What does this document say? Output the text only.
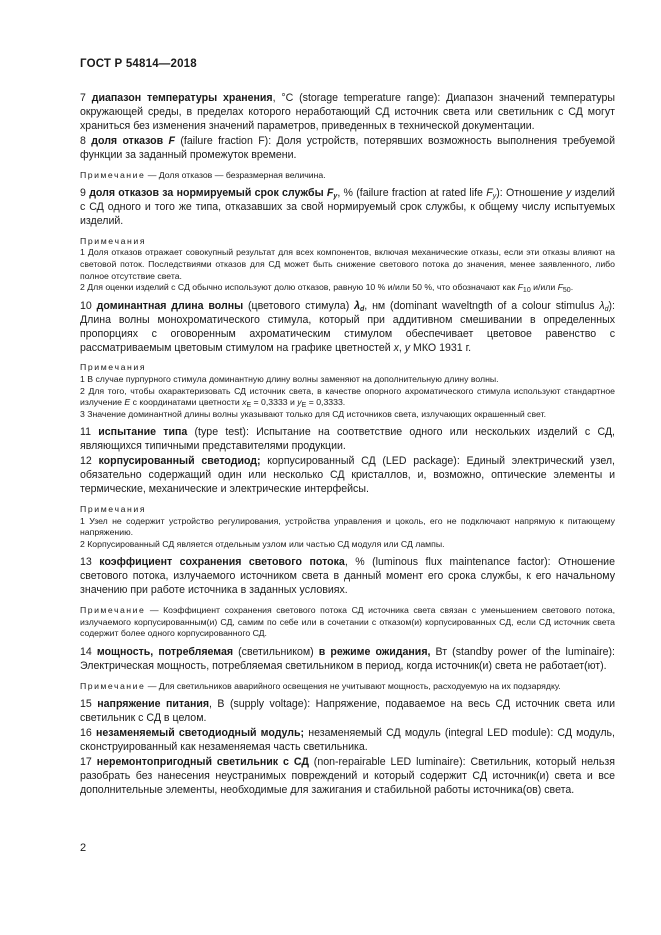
ГОСТ Р 54814—2018

7 диапазон температуры хранения, °С (storage temperature range): Диапазон значений температуры окружающей среды, в пределах которого неработающий СД источник света или светильник с СД могут храниться без изменения значений параметров, приведенных в технической документации.

8 доля отказов F (failure fraction F): Доля устройств, потерявших возможность выполнения требуемой функции за заданный промежуток времени.

Примечание — Доля отказов — безразмерная величина.

9 доля отказов за нормируемый срок службы $F_y$, % (failure fraction at rated life $F_y$): Отношение y изделий с СД одного и того же типа, отказавших за свой нормируемый срок службы, к общему числу испытуемых изделий.

Примечания

1 Доля отказов отражает совокупный результат для всех компонентов, включая механические отказы, если эти отказы влияют на световой поток. Последствиями отказов для СД может быть снижение светового потока до значения, менее заявленного, либо полное отсутствие света.

2 Для оценки изделий с СД обычно используют долю отказов, равную 10 % и/или 50 %, что обозначают как $F_{10}$ и/или $F_{50}$.

10 доминантная длина волны (цветового стимула) $\lambda_d$, нм (dominant waveltngth of a colour stimulus $\lambda_d$): Длина волны монохроматического стимула, который при аддитивном смешивании в определенных пропорциях с оговоренным ахроматическим стимулом обеспечивает цветовое равенство с рассматриваемым цветовым стимулом на графике цветностей x, у МКО 1931 г.

Примечания

1 В случае пурпурного стимула доминантную длину волны заменяют на дополнительную длину волны.

2 Для того, чтобы охарактеризовать СД источник света, в качестве опорного ахроматического стимула используют стандартное излучение E с координатами цветности $x_E = 0,3333$ и $y_E = 0,3333$.

3 Значение доминантной длины волны указывают только для СД источников света, излучающих окрашенный свет.

11 испытание типа (type test): Испытание на соответствие одного или нескольких изделий с СД, являющихся типичными представителями продукции.

12 корпусированный светодиод; корпусированный СД (LED package): Единый электрический узел, обязательно содержащий один или несколько СД кристаллов, и, возможно, оптические элементы и термические, механические и электрические интерфейсы.

Примечания

1 Узел не содержит устройство регулирования, устройства управления и цоколь, его не подключают напрямую к питающему напряжению.

2 Корпусированный СД является отдельным узлом или частью СД модуля или СД лампы.

13 коэффициент сохранения светового потока, % (luminous flux maintenance factor): Отношение светового потока, излучаемого источником света в данный момент его срока службы, к его начальному значению при работе источника в заданных условиях.

Примечание — Коэффициент сохранения светового потока СД источника света связан с уменьшением светового потока, излучаемого корпусированным(и) СД, самим по себе или в сочетании с отказом(и) корпусированных СД, если СД источник света содержит более одного корпусированного СД.

14 мощность, потребляемая (светильником) в режиме ожидания, Вт (standby power of the luminaire): Электрическая мощность, потребляемая светильником в период, когда источник(и) света не работает(ют).

Примечание — Для светильников аварийного освещения не учитывают мощность, расходуемую на их подзарядку.

15 напряжение питания, В (supply voltage): Напряжение, подаваемое на весь СД источник света или светильник с СД в целом.

16 незаменяемый светодиодный модуль; незаменяемый СД модуль (integral LED module): СД модуль, сконструированный как незаменяемая часть светильника.

17 неремонтопригодный светильник с СД (non-repairable LED luminaire): Светильник, который нельзя разобрать без нанесения неустранимых повреждений и который содержит СД источник(и) света и все дополнительные элементы, необходимые для зажигания и стабильной работы источника(ов) света.

2
